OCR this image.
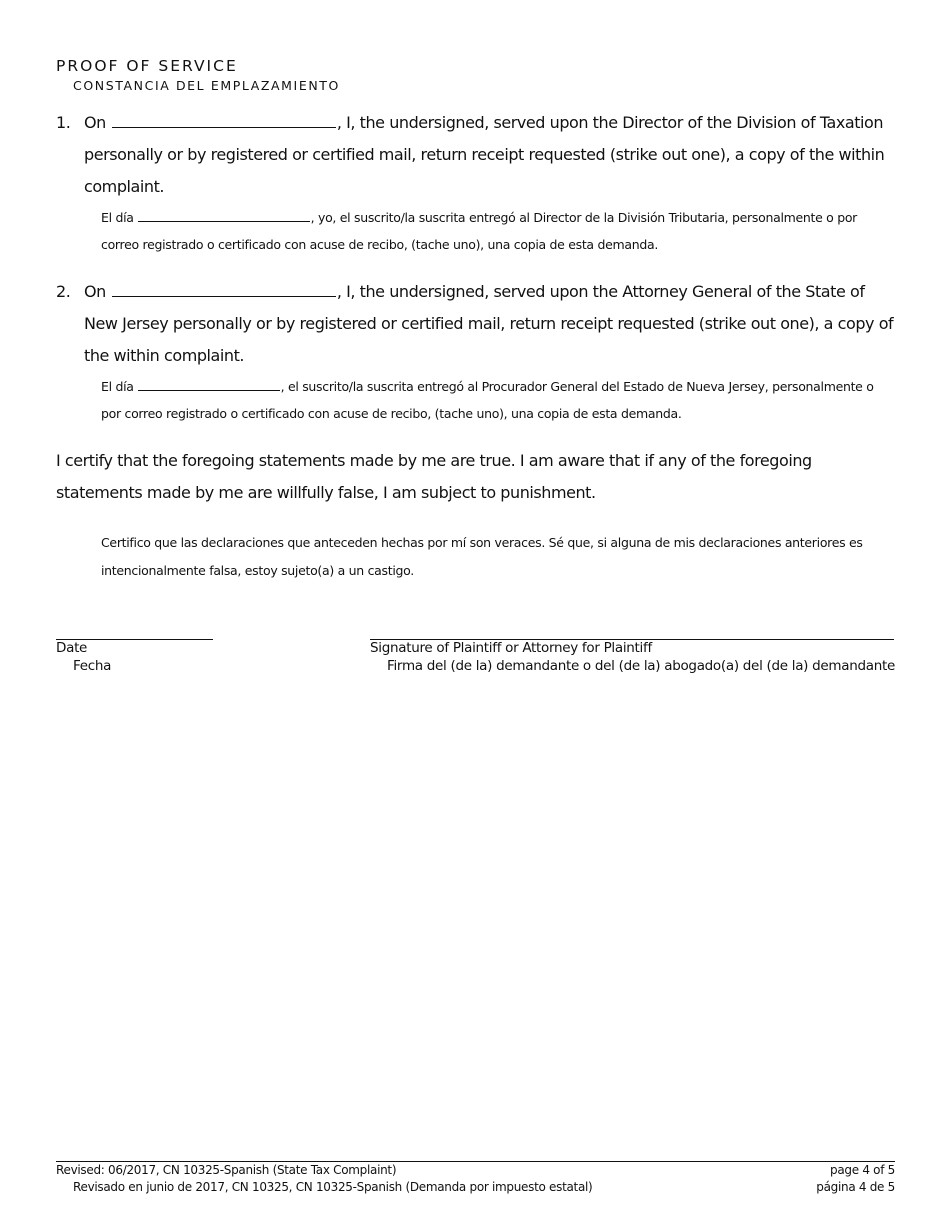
PROOF OF SERVICE
CONSTANCIA DEL EMPLAZAMIENTO
1. On	, I, the undersigned, served upon the Director of the Division of Taxation personally or by registered or certified mail, return receipt requested (strike out one), a copy of the within complaint.
El día	, yo, el suscrito/la suscrita entregó al Director de la División Tributaria, personalmente o por correo registrado o certificado con acuse de recibo, (tache uno), una copia de esta demanda.
2. On	, I, the undersigned, served upon the Attorney General of the State of New Jersey personally or by registered or certified mail, return receipt requested (strike out one), a copy of the within complaint.
El día	, el suscrito/la suscrita entregó al Procurador General del Estado de Nueva Jersey, personalmente o por correo registrado o certificado con acuse de recibo, (tache uno), una copia de esta demanda.
I certify that the foregoing statements made by me are true. I am aware that if any of the foregoing statements made by me are willfully false, I am subject to punishment.
Certifico que las declaraciones que anteceden hechas por mí son veraces. Sé que, si alguna de mis declaraciones anteriores es intencionalmente falsa, estoy sujeto(a) a un castigo.
Date
Fecha
Signature of Plaintiff or Attorney for Plaintiff
Firma del (de la) demandante o del (de la) abogado(a) del (de la) demandante
Revised: 06/2017, CN 10325-Spanish (State Tax Complaint)
Revisado en junio de 2017, CN 10325, CN 10325-Spanish (Demanda por impuesto estatal)
page 4 of 5
página 4 de 5
